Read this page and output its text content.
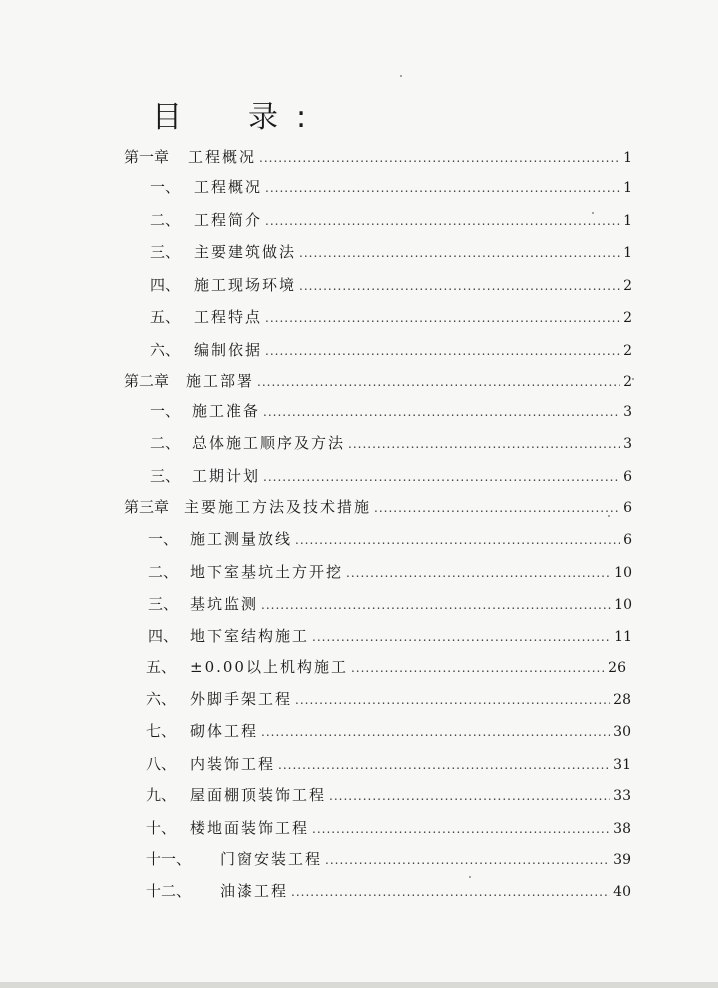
目　录:
第一章	工程概况 .....	1
一、 工程概况 .....	1
二、 工程简介 .....	1
三、 主要建筑做法 .....	1
四、 施工现场环境 .....	2
五、 工程特点 .....	2
六、 编制依据 .....	2
第二章	施工部署 .....	2
一、 施工准备 .....	3
二、 总体施工顺序及方法 .....	3
三、 工期计划 .....	6
第三章 主要施工方法及技术措施 .....	6
一、 施工测量放线 .....	6
二、 地下室基坑土方开挖 .....	10
三、 基坑监测 .....	10
四、 地下室结构施工 .....	11
五、 ±0.00以上机构施工 .....	26
六、 外脚手架工程 .....	28
七、 砌体工程 .....	30
八、 内装饰工程 .....	31
九、 屋面棚顶装饰工程 .....	33
十、 楼地面装饰工程 .....	38
十一、	门窗安装工程 .....	39
十二、	油漆工程 .....	40
